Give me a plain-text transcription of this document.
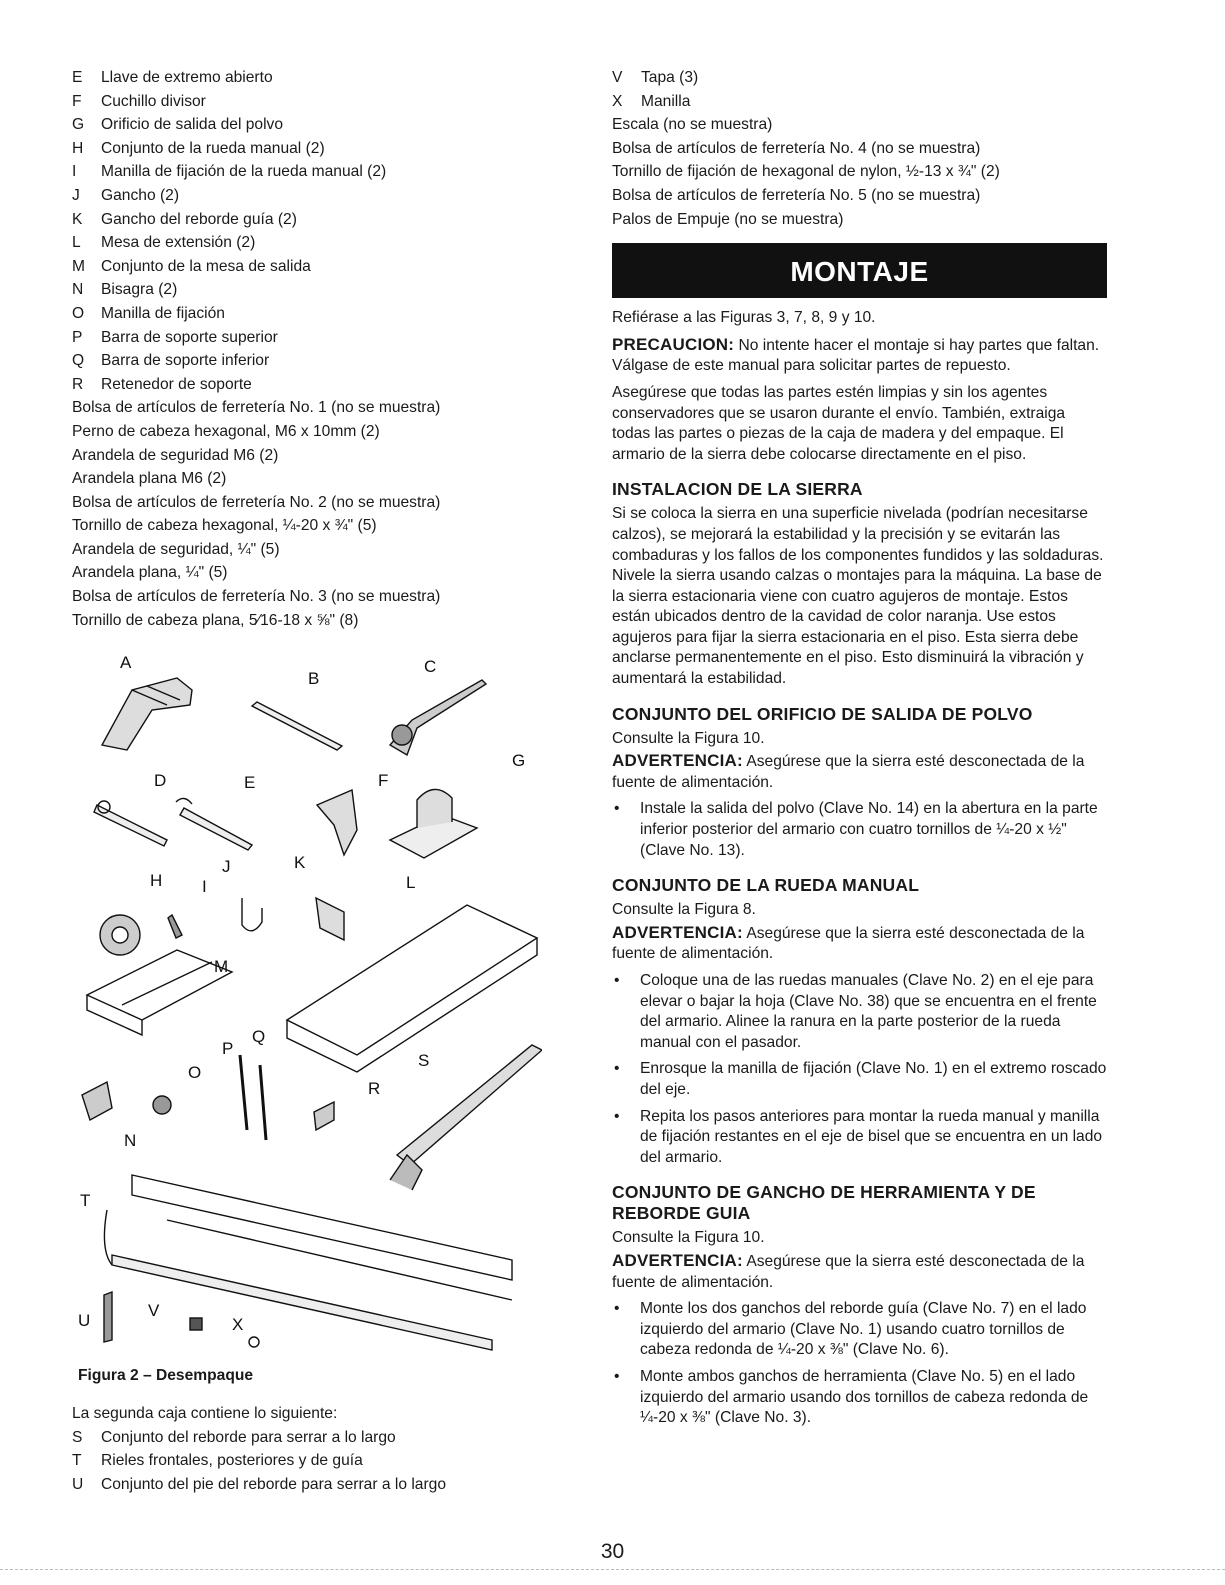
E	Llave de extremo abierto
F	Cuchillo divisor
G	Orificio de salida del polvo
H	Conjunto de la rueda manual (2)
I	Manilla de fijación de la rueda manual (2)
J	Gancho (2)
K	Gancho del reborde guía (2)
L	Mesa de extensión (2)
M	Conjunto de la mesa de salida
N	Bisagra (2)
O	Manilla de fijación
P	Barra de soporte superior
Q	Barra de soporte inferior
R	Retenedor de soporte
Bolsa de artículos de ferretería No. 1 (no se muestra)
Perno de cabeza hexagonal, M6 x 10mm (2)
Arandela de seguridad M6 (2)
Arandela plana M6 (2)
Bolsa de artículos de ferretería No. 2 (no se muestra)
Tornillo de cabeza hexagonal, ¼-20 x ¾" (5)
Arandela de seguridad, ¼" (5)
Arandela plana, ¼" (5)
Bolsa de artículos de ferretería No. 3 (no se muestra)
Tornillo de cabeza plana, 5⁄16-18 x ⅝" (8)
A
B
C
D	E	F
G
H I
J	K
L
M
N
O
P
Q
R
S
T
U
V
X
Figura 2 – Desempaque
La segunda caja contiene lo siguiente:
S	Conjunto del reborde para serrar a lo largo
T	Rieles frontales, posteriores y de guía
U	Conjunto del pie del reborde para serrar a lo largo
V	Tapa (3)
X	Manilla
Escala (no se muestra)
Bolsa de artículos de ferretería No. 4 (no se muestra)
Tornillo de fijación de hexagonal de nylon, ½-13 x ¾" (2)
Bolsa de artículos de ferretería No. 5 (no se muestra)
Palos de Empuje (no se muestra)
MONTAJE

Refiérase a las Figuras 3, 7, 8, 9 y 10.

PRECAUCION: No intente hacer el montaje si hay partes que faltan. Válgase de este manual para solicitar partes de repuesto.

Asegúrese que todas las partes estén limpias y sin los agentes conservadores que se usaron durante el envío. También, extraiga todas las partes o piezas de la caja de madera y del empaque. El armario de la sierra debe colocarse directamente en el piso.

INSTALACION DE LA SIERRA

Si se coloca la sierra en una superficie nivelada (podrían necesitarse calzos), se mejorará la estabilidad y la precisión y se evitarán las combaduras y los fallos de los componentes fundidos y las soldaduras. Nivele la sierra usando calzas o montajes para la máquina. La base de la sierra estacionaria viene con cuatro agujeros de montaje. Estos están ubicados dentro de la cavidad de color naranja. Use estos agujeros para fijar la sierra estacionaria en el piso. Esta sierra debe anclarse permanentemente en el piso. Esto disminuirá la vibración y aumentará la estabilidad.

CONJUNTO DEL ORIFICIO DE SALIDA DE POLVO

Consulte la Figura 10.

ADVERTENCIA: Asegúrese que la sierra esté desconectada de la fuente de alimentación.

•	Instale la salida del polvo (Clave No. 14) en la abertura en la parte inferior posterior del armario con cuatro tornillos de ¼-20 x ½" (Clave No. 13).
CONJUNTO DE LA RUEDA MANUAL

Consulte la Figura 8.

ADVERTENCIA: Asegúrese que la sierra esté desconectada de la fuente de alimentación.

•	Coloque una de las ruedas manuales (Clave No. 2) en el eje para elevar o bajar la hoja (Clave No. 38) que se encuentra en el frente del armario. Alinee la ranura en la parte posterior de la rueda manual con el pasador.
•	Enrosque la manilla de fijación (Clave No. 1) en el extremo roscado del eje.
•	Repita los pasos anteriores para montar la rueda manual y manilla de fijación restantes en el eje de bisel que se encuentra en un lado del armario.
CONJUNTO DE GANCHO DE HERRAMIENTA Y DE REBORDE GUIA

Consulte la Figura 10.

ADVERTENCIA: Asegúrese que la sierra esté desconectada de la fuente de alimentación.

•	Monte los dos ganchos del reborde guía (Clave No. 7) en el lado izquierdo del armario (Clave No. 1) usando cuatro tornillos de cabeza redonda de ¼-20 x ⅜" (Clave No. 6).
•	Monte ambos ganchos de herramienta (Clave No. 5) en el lado izquierdo del armario usando dos tornillos de cabeza redonda de ¼-20 x ⅜" (Clave No. 3).
30
